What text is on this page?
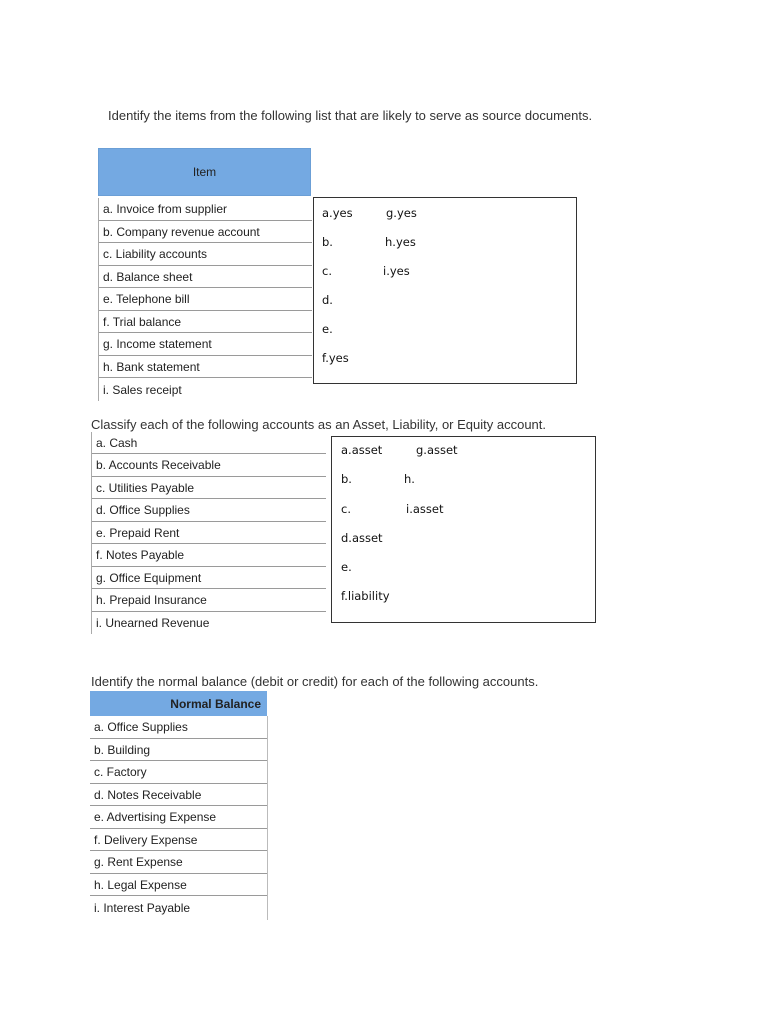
Identify the items from the following list that are likely to serve as source documents.
Item
a. Invoice from supplier
b. Company revenue account
c. Liability accounts
d. Balance sheet
e. Telephone bill
f. Trial balance
g. Income statement
h. Bank statement
i. Sales receipt
a.yes	g.yes
b.	h.yes
c.	i.yes
d.
e.
f.yes
Classify each of the following accounts as an Asset, Liability, or Equity account.
a. Cash
b. Accounts Receivable
c. Utilities Payable
d. Office Supplies
e. Prepaid Rent
f. Notes Payable
g. Office Equipment
h. Prepaid Insurance
i. Unearned Revenue
a.asset	g.asset
b.	h.
c.	i.asset
d.asset
e.
f.liability
Identify the normal balance (debit or credit) for each of the following accounts.
Normal Balance
a. Office Supplies
b. Building
c. Factory
d. Notes Receivable
e. Advertising Expense
f. Delivery Expense
g. Rent Expense
h. Legal Expense
i. Interest Payable
